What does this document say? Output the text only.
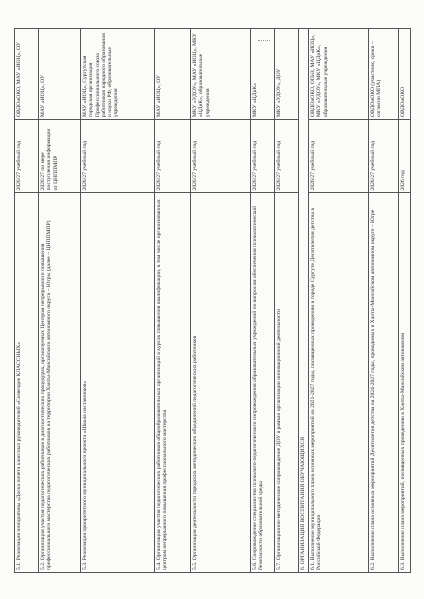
5.1. Реализация инициативы «Доска почета классных руководителей «Созвездие КЛАССНЫХ»	2026/27 учебный год	ОВДОиОКО, МАУ «ИОЦ», ОУ
5.2. Организация участия педагогических работников в диагностических процедурах, организуемых Центром непрерывного повышения профессионального мастерства педагогических работников на территории Ханты-Мансийского автономного округа – Югры (далее – ЦНППМПР)	2026/27 по мере поступления информации от ЦНППМПР	МАУ «ИОЦ», ОУ
5.3. Реализация приоритетного муниципального проекта «Школа наставников»	2026/27 учебный год	МАУ «ИОЦ», Сургутская городская организация Профессионального союза работников народного образования и науки РФ, образовательные учреждения
5.4. Организация участия педагогических работников общеобразовательных организаций в курсах повышения квалификации, в том числе организованных центром непрерывного повышения профессионального мастерства	2026/27 учебный год	МАУ «ИОЦ», ОУ
5.5. Организация деятельности городских методических объединений педагогических работников	2026/27 учебный год	МКУ «УДОУ», МАУ «ИОЦ», МКУ «ЦДиК», образовательные учреждения
5.6. Сопровождение специалистов психолого-педагогического сопровождения образовательных учреждений по вопросам обеспечения психологической безопасности образовательной среды	2026/27 учебный год	МКУ «ЦДиК»
5.7. Организационно-методическое сопровождение ДОУ в рамках организации инновационной деятельности	2026/27 учебный год	МКУ «УДОУ», ДОУ
6. ОРГАНИЗАЦИЯ ВОСПИТАНИЯ ОБУЧАЮЩИХСЯ		
6.1. Выполнение муниципального плана основных мероприятий на 2021-2027 годы, посвященных проведению в городе Сургуте Десятилетия детства в Российской Федерации	2026/27 учебный год	ОВДОиОКО, ОПиЗ, МАУ «ИОЦ», МКУ «УДОУ», МКУ «ЦДиК», образовательные учреждения
6.2. Выполнение плана основных мероприятий Десятилетия детства на 2024-2027 годы, проводимых в Ханты-Мансийском автономном округе – Югре	2026/27 учебный год	ОВДОиОКО (участник, сроки – согласно МПА)
6.3. Выполнение плана мероприятий, посвященных проведению в Ханты-Мансийском автономном	2026 год	ОВДОиОКО
